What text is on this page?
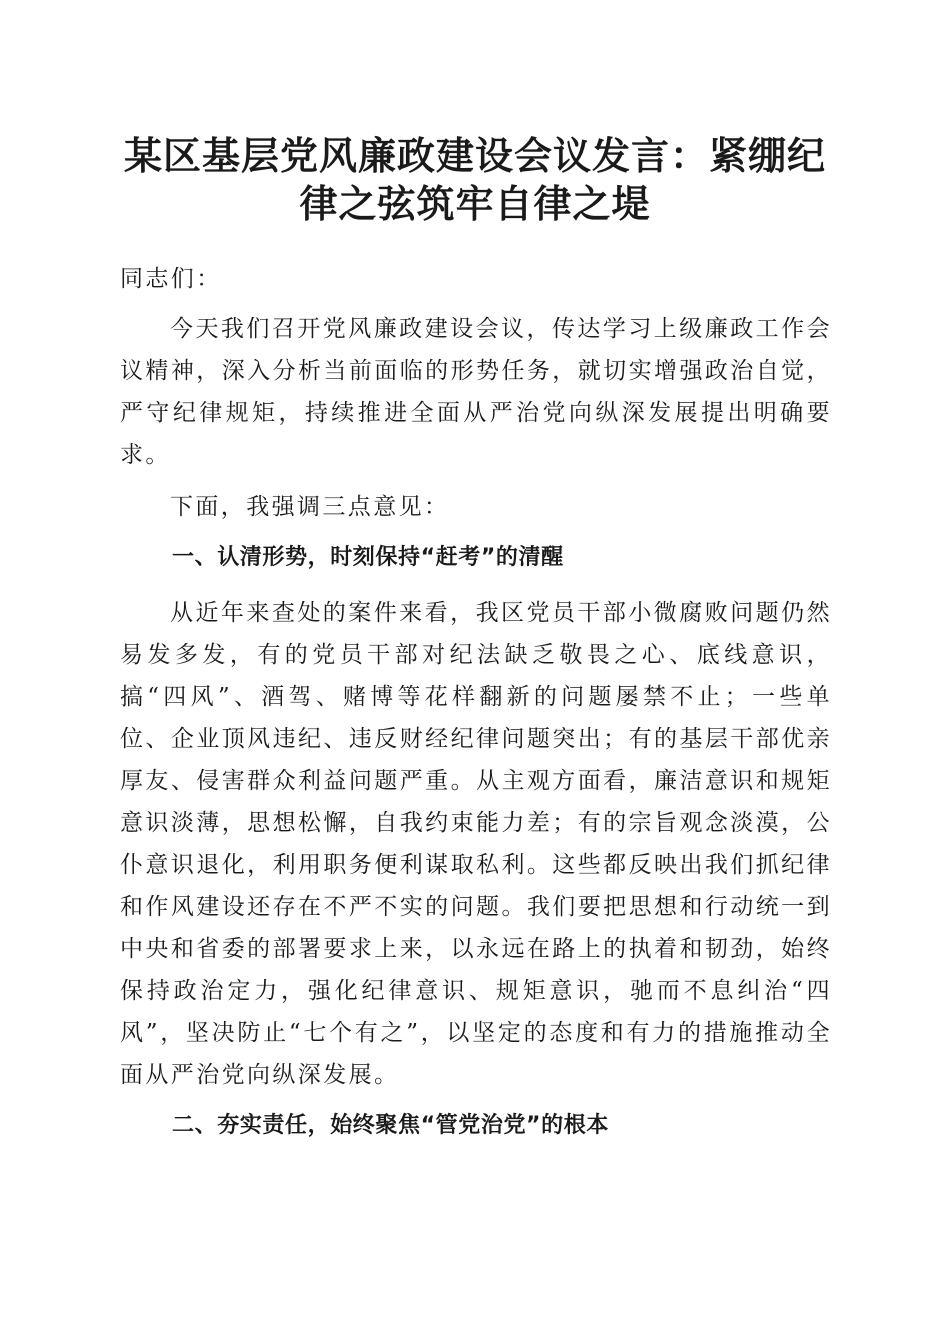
某区基层党风廉政建设会议发言：紧绷纪律之弦筑牢自律之堤

同志们：

今天我们召开党风廉政建设会议，传达学习上级廉政工作会议精神，深入分析当前面临的形势任务，就切实增强政治自觉，严守纪律规矩，持续推进全面从严治党向纵深发展提出明确要求。

下面，我强调三点意见：

一、认清形势，时刻保持“赶考”的清醒

从近年来查处的案件来看，我区党员干部小微腐败问题仍然易发多发，有的党员干部对纪法缺乏敬畏之心、底线意识，搞“四风”、酒驾、赌博等花样翻新的问题屡禁不止；一些单位、企业顶风违纪、违反财经纪律问题突出；有的基层干部优亲厚友、侵害群众利益问题严重。从主观方面看，廉洁意识和规矩意识淡薄，思想松懈，自我约束能力差；有的宗旨观念淡漠，公仆意识退化，利用职务便利谋取私利。这些都反映出我们抓纪律和作风建设还存在不严不实的问题。我们要把思想和行动统一到中央和省委的部署要求上来，以永远在路上的执着和韧劲，始终保持政治定力，强化纪律意识、规矩意识，驰而不息纠治“四风”，坚决防止“七个有之”，以坚定的态度和有力的措施推动全面从严治党向纵深发展。

二、夯实责任，始终聚焦“管党治党”的根本
